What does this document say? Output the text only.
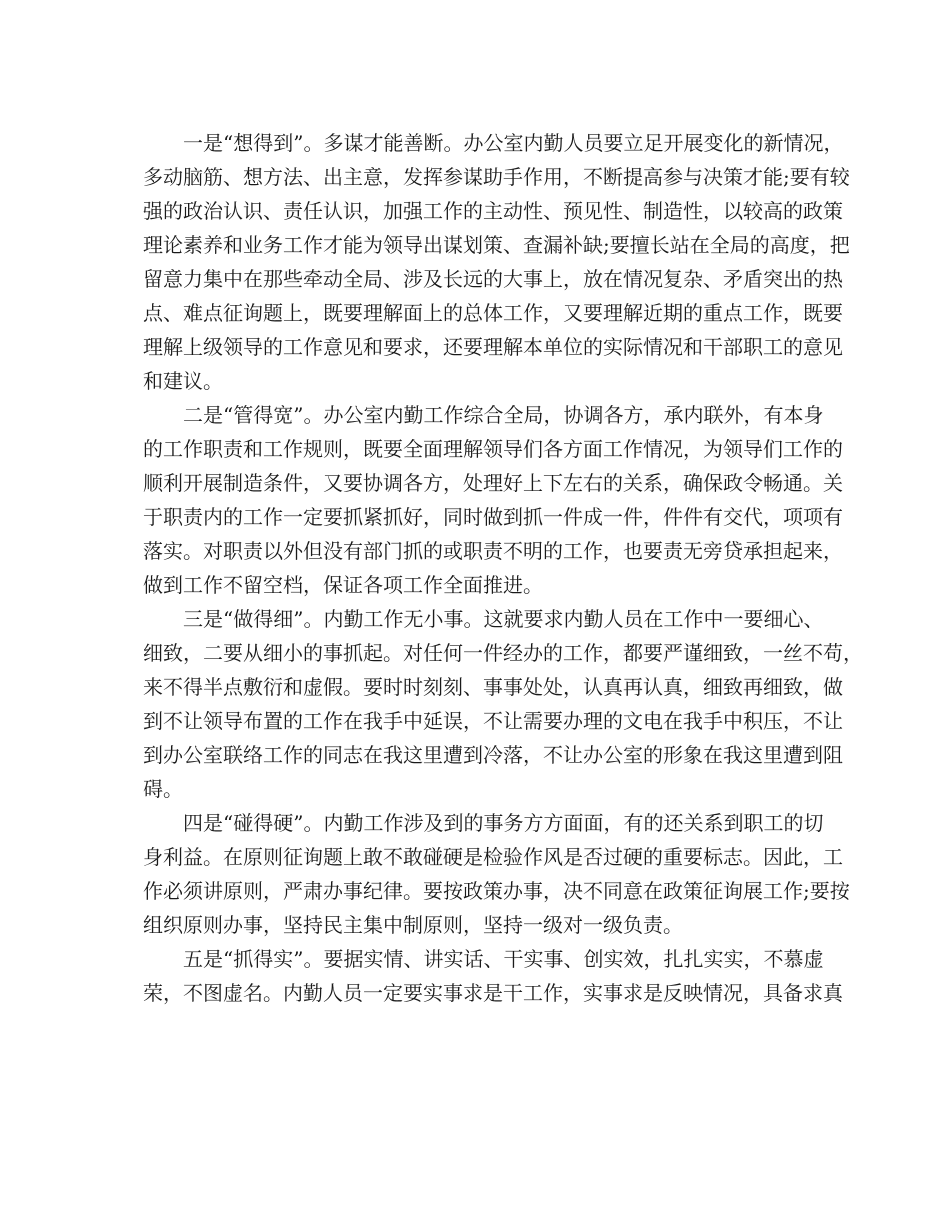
一是“想得到”。多谋才能善断。办公室内勤人员要立足开展变化的新情况，
多动脑筋、想方法、出主意，发挥参谋助手作用，不断提高参与决策才能;要有较
强的政治认识、责任认识，加强工作的主动性、预见性、制造性，以较高的政策
理论素养和业务工作才能为领导出谋划策、查漏补缺;要擅长站在全局的高度，把
留意力集中在那些牵动全局、涉及长远的大事上，放在情况复杂、矛盾突出的热
点、难点征询题上，既要理解面上的总体工作，又要理解近期的重点工作，既要
理解上级领导的工作意见和要求，还要理解本单位的实际情况和干部职工的意见
和建议。
二是“管得宽”。办公室内勤工作综合全局，协调各方，承内联外，有本身
的工作职责和工作规则，既要全面理解领导们各方面工作情况，为领导们工作的
顺利开展制造条件，又要协调各方，处理好上下左右的关系，确保政令畅通。关
于职责内的工作一定要抓紧抓好，同时做到抓一件成一件，件件有交代，项项有
落实。对职责以外但没有部门抓的或职责不明的工作，也要责无旁贷承担起来，
做到工作不留空档，保证各项工作全面推进。
三是“做得细”。内勤工作无小事。这就要求内勤人员在工作中一要细心、
细致，二要从细小的事抓起。对任何一件经办的工作，都要严谨细致，一丝不苟，
来不得半点敷衍和虚假。要时时刻刻、事事处处，认真再认真，细致再细致，做
到不让领导布置的工作在我手中延误，不让需要办理的文电在我手中积压，不让
到办公室联络工作的同志在我这里遭到冷落，不让办公室的形象在我这里遭到阻
碍。
四是“碰得硬”。内勤工作涉及到的事务方方面面，有的还关系到职工的切
身利益。在原则征询题上敢不敢碰硬是检验作风是否过硬的重要标志。因此，工
作必须讲原则，严肃办事纪律。要按政策办事，决不同意在政策征询展工作;要按
组织原则办事，坚持民主集中制原则，坚持一级对一级负责。
五是“抓得实”。要据实情、讲实话、干实事、创实效，扎扎实实，不慕虚
荣，不图虚名。内勤人员一定要实事求是干工作，实事求是反映情况，具备求真
